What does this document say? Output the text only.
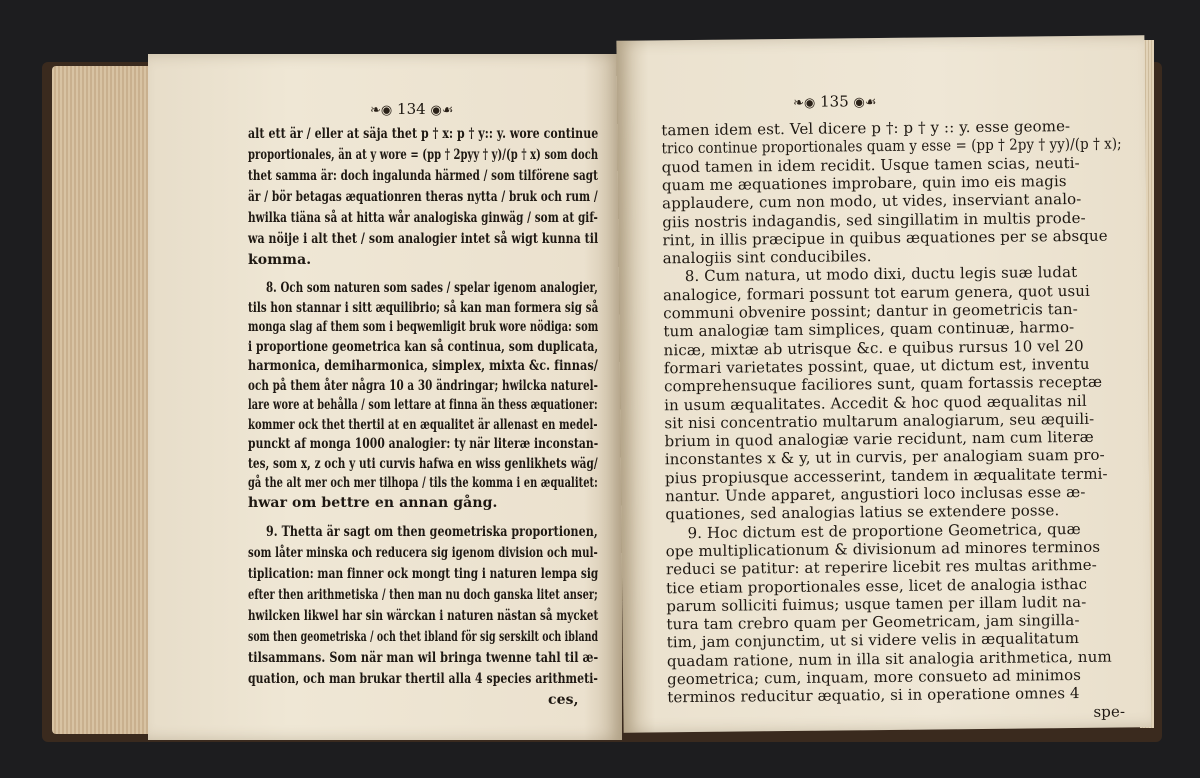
❧◉ 134 ◉☙
alt ett är / eller at säja thet p † x: p † y:: y. wore continue
proportionales, än at y wore = (pp † 2pyy † y)/(p † x) som doch
thet samma är: doch ingalunda härmed / som tilförene sagt
är / bör betagas æquationren theras nytta / bruk och rum /
hwilka tiäna så at hitta wår analogiska ginwäg / som at gif-
wa nöije i alt thet / som analogier intet så wigt kunna til
komma.
8. Och som naturen som sades / spelar igenom analogier,
tils hon stannar i sitt æquilibrio; så kan man formera sig så
monga slag af them som i beqwemligit bruk wore nödiga: som
i proportione geometrica kan så continua, som duplicata,
harmonica, demiharmonica, simplex, mixta &c. finnas/
och på them åter några 10 a 30 ändringar; hwilcka naturel-
lare wore at behålla / som lettare at finna än thess æquationer:
kommer ock thet thertil at en æqualitet är allenast en medel-
punckt af monga 1000 analogier: ty när literæ inconstan-
tes, som x, z och y uti curvis hafwa en wiss genlikhets wäg/
gå the alt mer och mer tilhopa / tils the komma i en æqualitet:
hwar om bettre en annan gång.
9. Thetta är sagt om then geometriska proportionen,
som låter minska och reducera sig igenom division och mul-
tiplication: man finner ock mongt ting i naturen lempa sig
efter then arithmetiska / then man nu doch ganska litet anser;
hwilcken likwel har sin wärckan i naturen nästan så mycket
som then geometriska / och thet ibland för sig serskilt och ibland
tilsammans. Som när man wil bringa twenne tahl til æ-
quation, och man brukar thertil alla 4 species arithmeti-
ces,
❧◉ 135 ◉☙
tamen idem est. Vel dicere p †: p † y :: y. esse geome-
trico continue proportionales quam y esse = (pp † 2py † yy)/(p † x);
quod tamen in idem recidit. Usque tamen scias, neuti-
quam me æquationes improbare, quin imo eis magis
applaudere, cum non modo, ut vides, inserviant analo-
giis nostris indagandis, sed singillatim in multis prode-
rint, in illis præcipue in quibus æquationes per se absque
analogiis sint conducibiles.
8. Cum natura, ut modo dixi, ductu legis suæ ludat
analogice, formari possunt tot earum genera, quot usui
communi obvenire possint; dantur in geometricis tan-
tum analogiæ tam simplices, quam continuæ, harmo-
nicæ, mixtæ ab utrisque &c. e quibus rursus 10 vel 20
formari varietates possint, quae, ut dictum est, inventu
comprehensuque faciliores sunt, quam fortassis receptæ
in usum æqualitates. Accedit & hoc quod æqualitas nil
sit nisi concentratio multarum analogiarum, seu æquili-
brium in quod analogiæ varie recidunt, nam cum literæ
inconstantes x & y, ut in curvis, per analogiam suam pro-
pius propiusque accesserint, tandem in æqualitate termi-
nantur. Unde apparet, angustiori loco inclusas esse æ-
quationes, sed analogias latius se extendere posse.
9. Hoc dictum est de proportione Geometrica, quæ
ope multiplicationum & divisionum ad minores terminos
reduci se patitur: at reperire licebit res multas arithme-
tice etiam proportionales esse, licet de analogia isthac
parum solliciti fuimus; usque tamen per illam ludit na-
tura tam crebro quam per Geometricam, jam singilla-
tim, jam conjunctim, ut si videre velis in æqualitatum
quadam ratione, num in illa sit analogia arithmetica, num
geometrica; cum, inquam, more consueto ad minimos
terminos reducitur æquatio, si in operatione omnes 4
spe-
